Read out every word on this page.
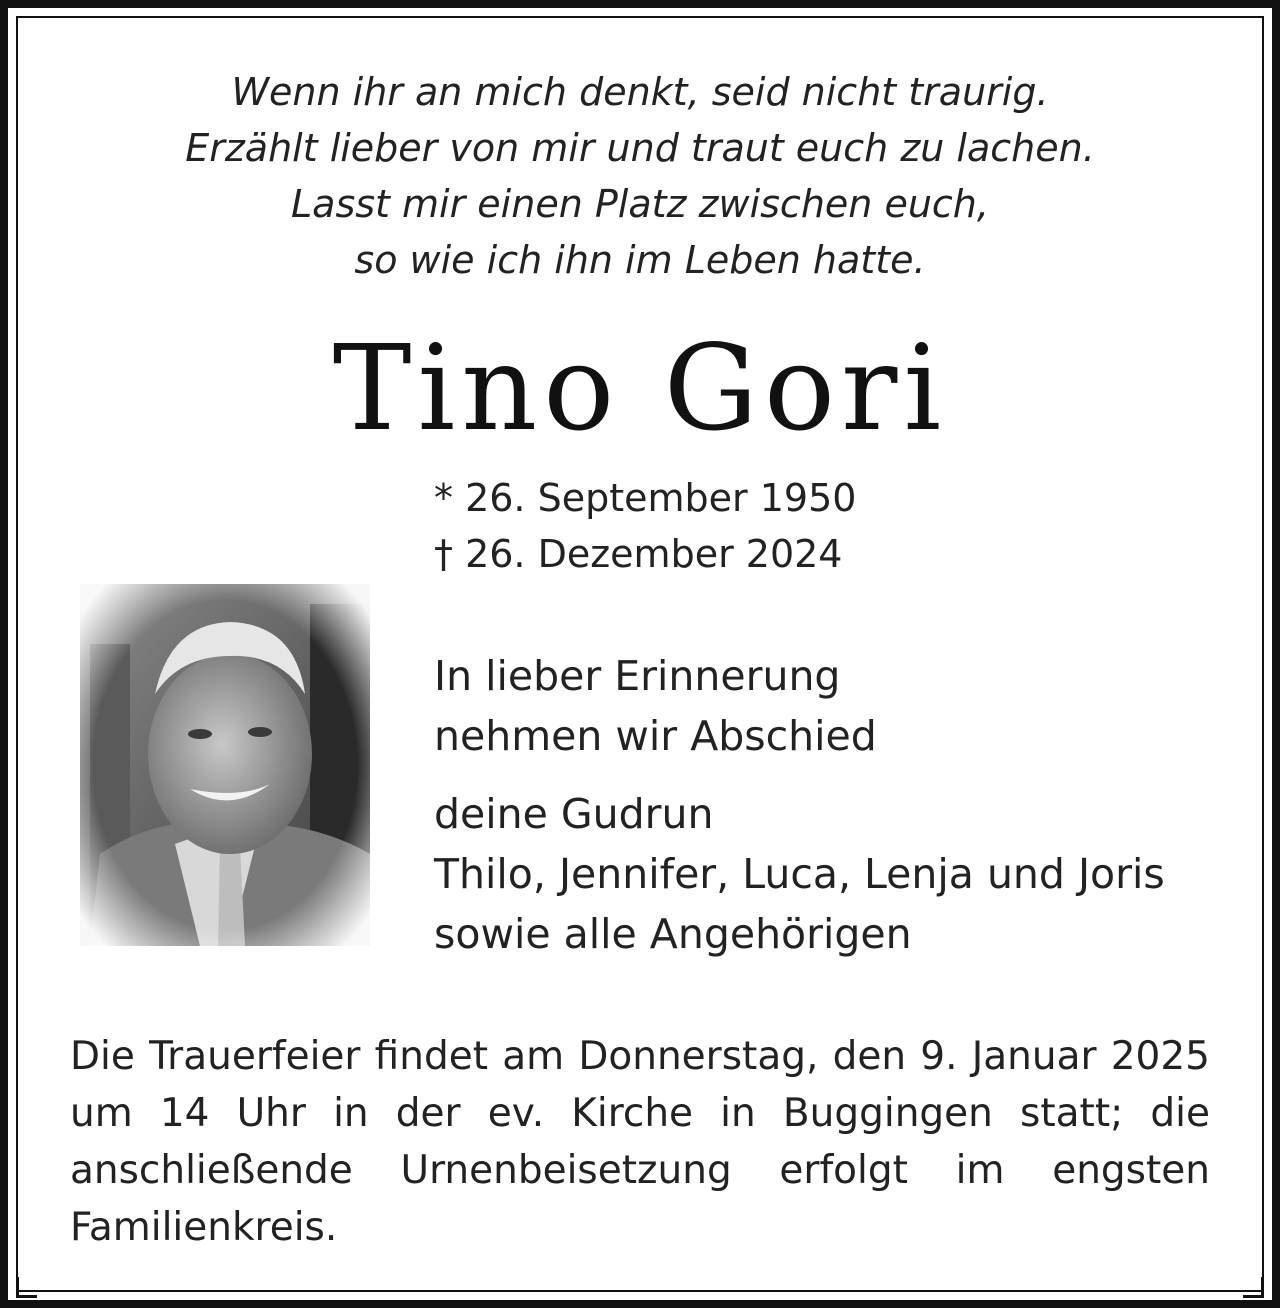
Wenn ihr an mich denkt, seid nicht traurig.
Erzählt lieber von mir und traut euch zu lachen.
Lasst mir einen Platz zwischen euch,
so wie ich ihn im Leben hatte.
Tino Gori
* 26. September 1950
† 26. Dezember 2024
In lieber Erinnerung
nehmen wir Abschied
deine Gudrun
Thilo, Jennifer, Luca, Lenja und Joris
sowie alle Angehörigen
Die Trauerfeier findet am Donnerstag, den 9. Januar 2025
um 14 Uhr in der ev. Kirche in Buggingen statt; die
anschließende Urnenbeisetzung erfolgt im engsten
Familienkreis.
